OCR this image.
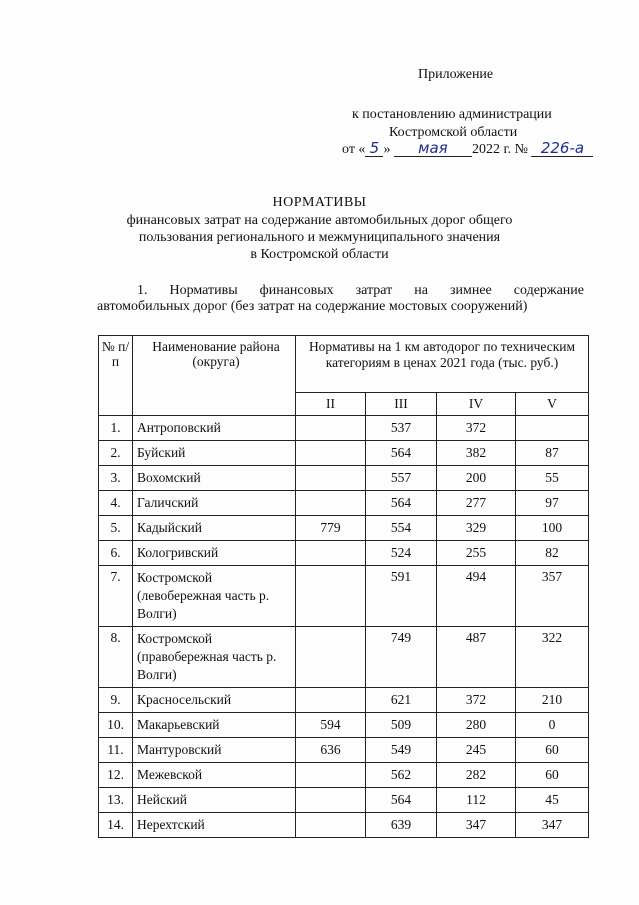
Приложение
к постановлению администрации
Костромской области
от « 5 » мая 2022 г. № 226-а
НОРМАТИВЫ
финансовых затрат на содержание автомобильных дорог общего
пользования регионального и межмуниципального значения
в Костромской области
1. Нормативы финансовых затрат на зимнее содержание
автомобильных дорог (без затрат на содержание мостовых сооружений)
№ п/п	Наименование района (округа)	Нормативы на 1 км автодорог по техническим категориям в ценах 2021 года (тыс. руб.)			
		II	III	IV	V
1.	Антроповский		537	372	
2.	Буйский		564	382	87
3.	Вохомский		557	200	55
4.	Галичский		564	277	97
5.	Кадыйский	779	554	329	100
6.	Кологривский		524	255	82
7.	Костромской (левобережная часть р. Волги)		591	494	357
8.	Костромской (правобережная часть р. Волги)		749	487	322
9.	Красносельский		621	372	210
10.	Макарьевский	594	509	280	0
11.	Мантуровский	636	549	245	60
12.	Межевской		562	282	60
13.	Нейский		564	112	45
14.	Нерехтский		639	347	347
